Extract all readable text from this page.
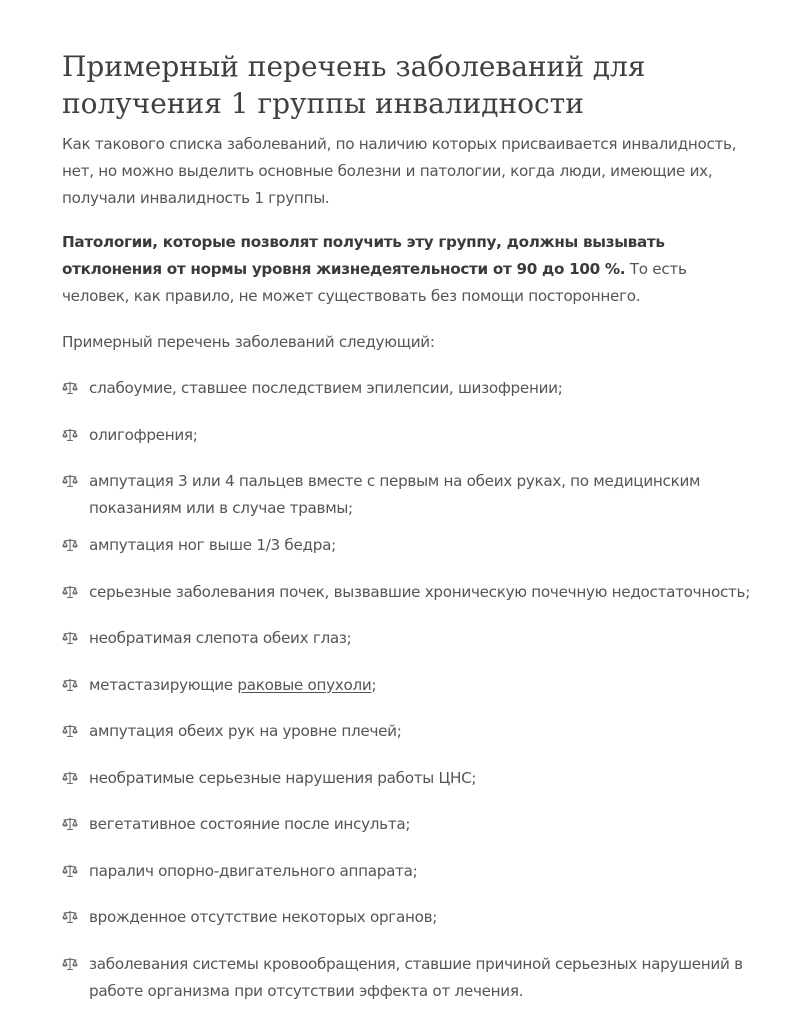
Примерный перечень заболеваний для получения 1 группы инвалидности

Как такового списка заболеваний, по наличию которых присваивается инвалидность, нет, но можно выделить основные болезни и патологии, когда люди, имеющие их, получали инвалидность 1 группы.

Патологии, которые позволят получить эту группу, должны вызывать отклонения от нормы уровня жизнедеятельности от 90 до 100 %. То есть человек, как правило, не может существовать без помощи постороннего.

Примерный перечень заболеваний следующий:

слабоумие, ставшее последствием эпилепсии, шизофрении;
олигофрения;
ампутация 3 или 4 пальцев вместе с первым на обеих руках, по медицинским показаниям или в случае травмы;
ампутация ног выше 1/3 бедра;
серьезные заболевания почек, вызвавшие хроническую почечную недостаточность;
необратимая слепота обеих глаз;
метастазирующие раковые опухоли;
ампутация обеих рук на уровне плечей;
необратимые серьезные нарушения работы ЦНС;
вегетативное состояние после инсульта;
паралич опорно-двигательного аппарата;
врожденное отсутствие некоторых органов;
заболевания системы кровообращения, ставшие причиной серьезных нарушений в работе организма при отсутствии эффекта от лечения.
